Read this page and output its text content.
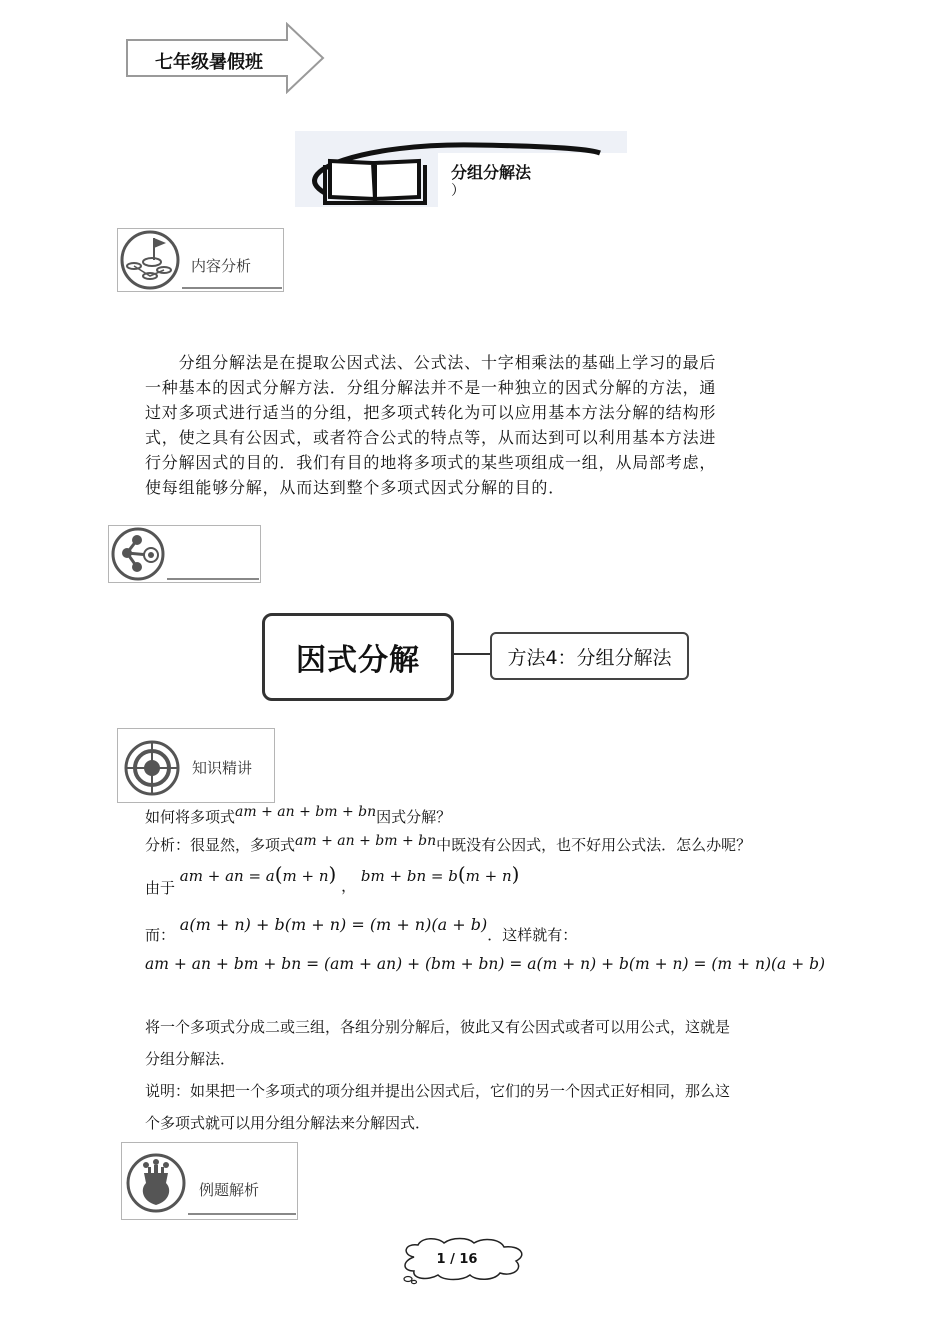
七年级暑假班
分组分解法
）
内容分析
　　分组分解法是在提取公因式法、公式法、十字相乘法的基础上学习的最后
一种基本的因式分解方法．分组分解法并不是一种独立的因式分解的方法，通
过对多项式进行适当的分组，把多项式转化为可以应用基本方法分解的结构形
式，使之具有公因式，或者符合公式的特点等，从而达到可以利用基本方法进
行分解因式的目的．我们有目的地将多项式的某些项组成一组，从局部考虑，
使每组能够分解，从而达到整个多项式因式分解的目的．
因式分解	方法4：分组分解法
知识精讲
如何将多项式am + an + bm + bn因式分解？
分析：很显然，多项式am + an + bm + bn中既没有公因式，也不好用公式法．怎么办呢？
由于 am + an = a(m + n) ， bm + bn = b(m + n)
而： a(m + n) + b(m + n) = (m + n)(a + b)．这样就有：
am + an + bm + bn = (am + an) + (bm + bn) = a(m + n) + b(m + n) = (m + n)(a + b)
将一个多项式分成二或三组，各组分别分解后，彼此又有公因式或者可以用公式，这就是
分组分解法．
说明：如果把一个多项式的项分组并提出公因式后，它们的另一个因式正好相同，那么这
个多项式就可以用分组分解法来分解因式．
例题解析
1 / 16
